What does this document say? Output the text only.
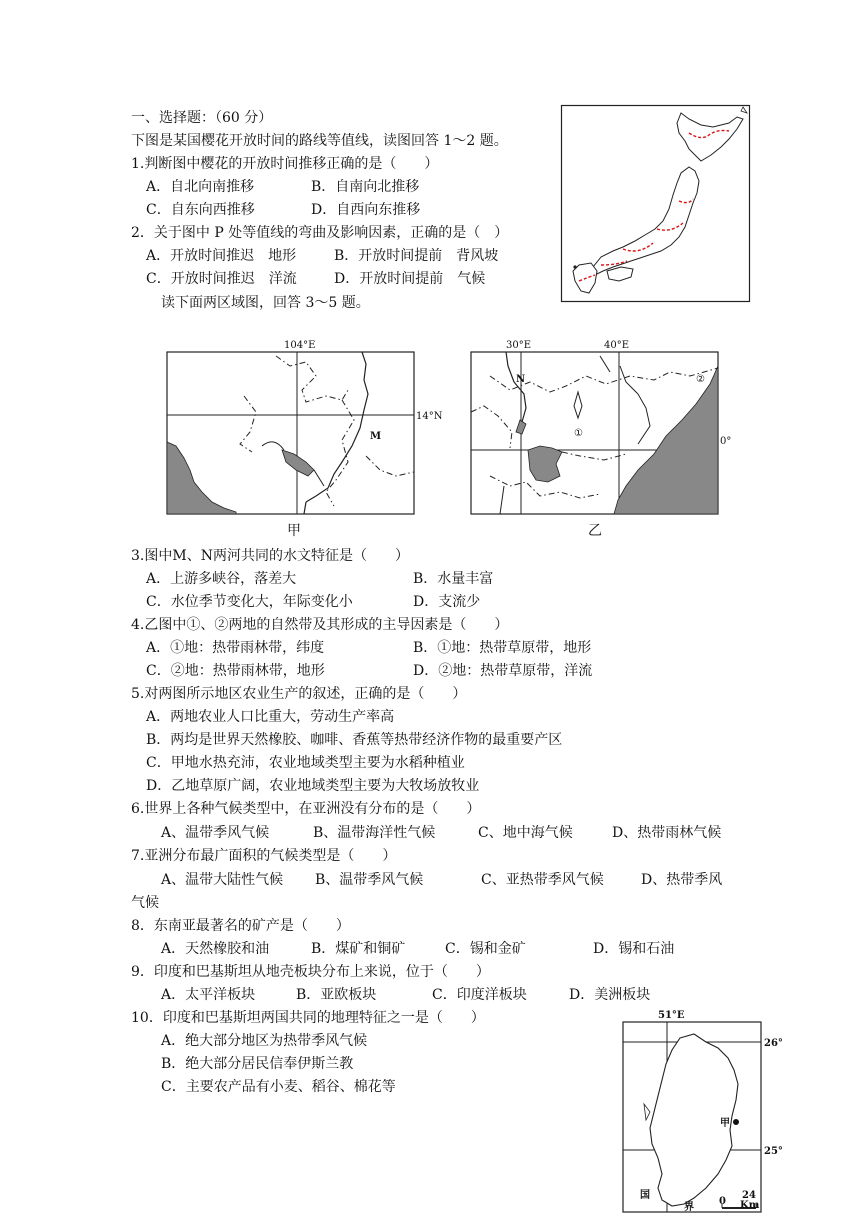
一、选择题：（60 分）
下图是某国樱花开放时间的路线等值线，读图回答 1～2 题。
1.判断图中樱花的开放时间推移正确的是（　　）
A．自北向南推移	B．自南向北推移
C．自东向西推移	D．自西向东推移
2．关于图中 P 处等值线的弯曲及影响因素，正确的是（　）
A．开放时间推迟　地形	B．开放时间提前　背风坡
C．开放时间推迟　洋流	D．开放时间提前　气候
读下面两区域图，回答 3～5 题。
104°E
14°N
M
甲
30°E	40°E
0°
N
①
②
乙
3.图中M、N两河共同的水文特征是（　　）
A．上游多峡谷，落差大	B．水量丰富
C．水位季节变化大，年际变化小	D．支流少
4.乙图中①、②两地的自然带及其形成的主导因素是（　　）
A．①地：热带雨林带，纬度	B．①地：热带草原带，地形
C．②地：热带雨林带，地形	D．②地：热带草原带，洋流
5.对两图所示地区农业生产的叙述，正确的是（　　）
A．两地农业人口比重大，劳动生产率高
B．两均是世界天然橡胶、咖啡、香蕉等热带经济作物的最重要产区
C．甲地水热充沛，农业地域类型主要为水稻种植业
D．乙地草原广阔，农业地域类型主要为大牧场放牧业
6.世界上各种气候类型中，在亚洲没有分布的是（　　）
A、温带季风气候	B、温带海洋性气候	C、地中海气候	D、热带雨林气候
7.亚洲分布最广面积的气候类型是（　　）
A、温带大陆性气候 B、温带季风气候	C、亚热带季风气候	D、热带季风
气候
8．东南亚最著名的矿产是（　　）
A．天然橡胶和油	B．煤矿和铜矿	C．锡和金矿	D．锡和石油
9．印度和巴基斯坦从地壳板块分布上来说，位于（　　）
A．太平洋板块	B．亚欧板块	C．印度洋板块	D．美洲板块
10．印度和巴基斯坦两国共同的地理特征之一是（　　）
A．绝大部分地区为热带季风气候
B．绝大部分居民信奉伊斯兰教
C．主要农产品有小麦、稻谷、棉花等
51°E
26°
25°
甲
国
界
0
24
Km
